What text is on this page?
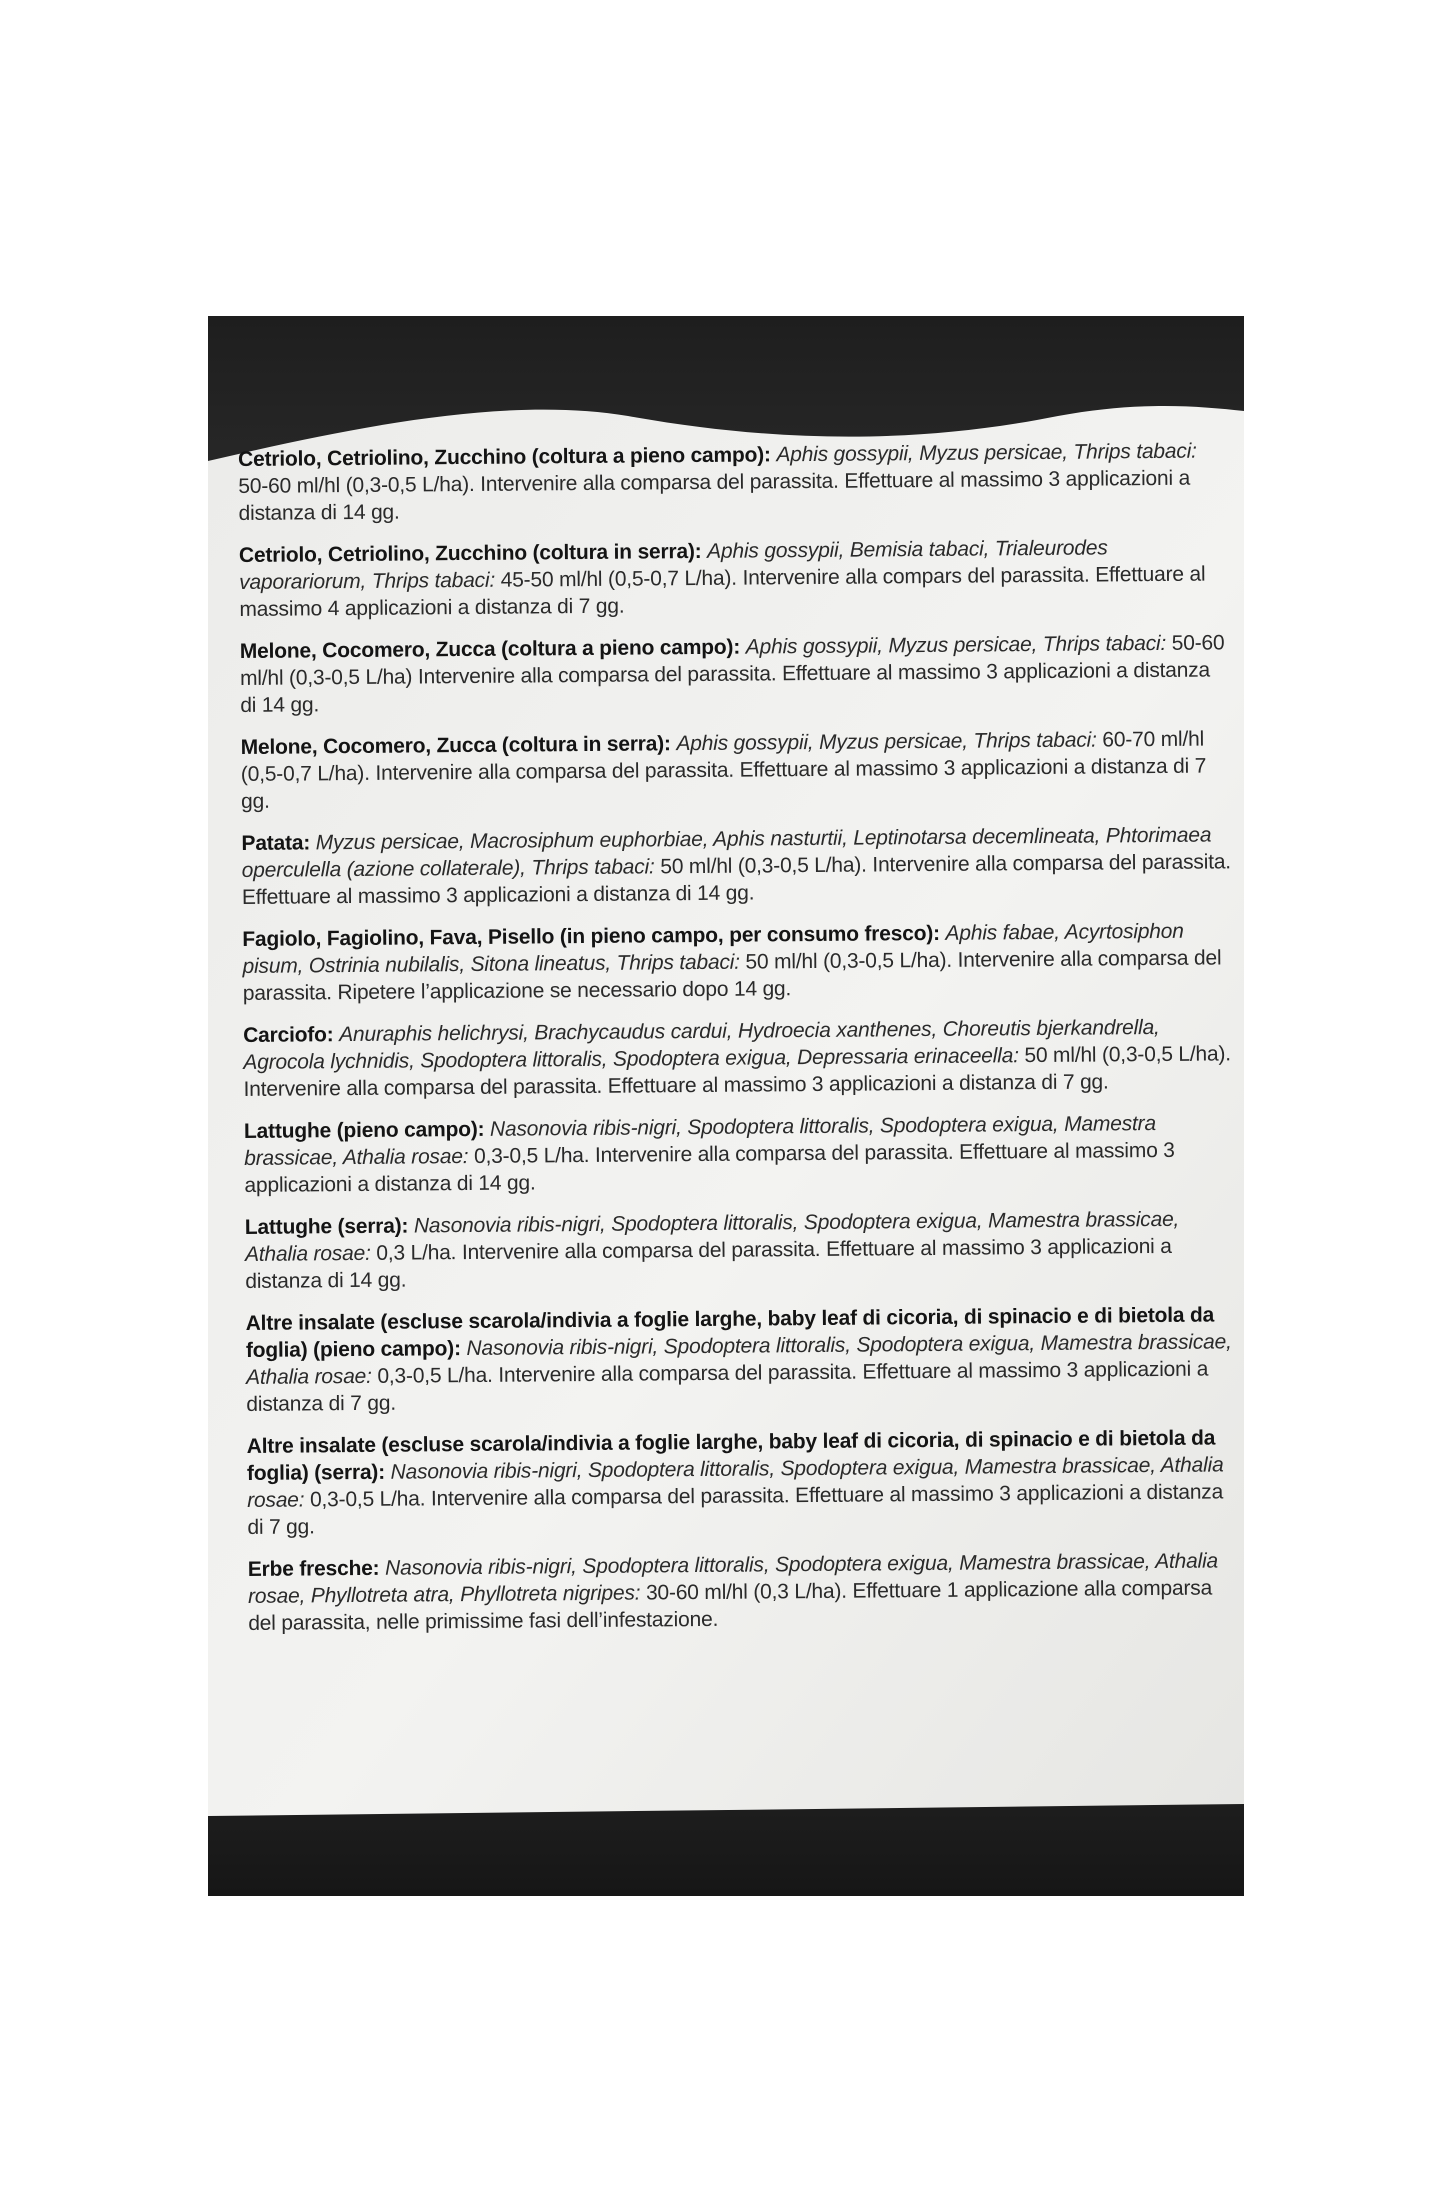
Cetriolo, Cetriolino, Zucchino (coltura a pieno campo): Aphis gossypii, Myzus persicae, Thrips tabaci: 50-60 ml/hl (0,3-0,5 L/ha). Intervenire alla comparsa del parassita. Effettuare al massimo 3 applicazioni a distanza di 14 gg.

Cetriolo, Cetriolino, Zucchino (coltura in serra): Aphis gossypii, Bemisia tabaci, Trialeurodes vaporariorum, Thrips tabaci: 45-50 ml/hl (0,5-0,7 L/ha). Intervenire alla compars del parassita. Effettuare al massimo 4 applicazioni a distanza di 7 gg.

Melone, Cocomero, Zucca (coltura a pieno campo): Aphis gossypii, Myzus persicae, Thrips tabaci: 50-60 ml/hl (0,3-0,5 L/ha) Intervenire alla comparsa del parassita. Effettuare al massimo 3 applicazioni a distanza di 14 gg.

Melone, Cocomero, Zucca (coltura in serra): Aphis gossypii, Myzus persicae, Thrips tabaci: 60-70 ml/hl (0,5-0,7 L/ha). Intervenire alla comparsa del parassita. Effettuare al massimo 3 applicazioni a distanza di 7 gg.

Patata: Myzus persicae, Macrosiphum euphorbiae, Aphis nasturtii, Leptinotarsa decemlineata, Phtorimaea operculella (azione collaterale), Thrips tabaci: 50 ml/hl (0,3-0,5 L/ha). Intervenire alla comparsa del parassita. Effettuare al massimo 3 applicazioni a distanza di 14 gg.

Fagiolo, Fagiolino, Fava, Pisello (in pieno campo, per consumo fresco): Aphis fabae, Acyrtosiphon pisum, Ostrinia nubilalis, Sitona lineatus, Thrips tabaci: 50 ml/hl (0,3-0,5 L/ha). Intervenire alla comparsa del parassita. Ripetere l’applicazione se necessario dopo 14 gg.

Carciofo: Anuraphis helichrysi, Brachycaudus cardui, Hydroecia xanthenes, Choreutis bjerkandrella, Agrocola lychnidis, Spodoptera littoralis, Spodoptera exigua, Depressaria erinaceella: 50 ml/hl (0,3-0,5 L/ha). Intervenire alla comparsa del parassita. Effettuare al massimo 3 applicazioni a distanza di 7 gg.

Lattughe (pieno campo): Nasonovia ribis-nigri, Spodoptera littoralis, Spodoptera exigua, Mamestra brassicae, Athalia rosae: 0,3-0,5 L/ha. Intervenire alla comparsa del parassita. Effettuare al massimo 3 applicazioni a distanza di 14 gg.

Lattughe (serra): Nasonovia ribis-nigri, Spodoptera littoralis, Spodoptera exigua, Mamestra brassicae, Athalia rosae: 0,3 L/ha. Intervenire alla comparsa del parassita. Effettuare al massimo 3 applicazioni a distanza di 14 gg.

Altre insalate (escluse scarola/indivia a foglie larghe, baby leaf di cicoria, di spinacio e di bietola da foglia) (pieno campo): Nasonovia ribis-nigri, Spodoptera littoralis, Spodoptera exigua, Mamestra brassicae, Athalia rosae: 0,3-0,5 L/ha. Intervenire alla comparsa del parassita. Effettuare al massimo 3 applicazioni a distanza di 7 gg.

Altre insalate (escluse scarola/indivia a foglie larghe, baby leaf di cicoria, di spinacio e di bietola da foglia) (serra): Nasonovia ribis-nigri, Spodoptera littoralis, Spodoptera exigua, Mamestra brassicae, Athalia rosae: 0,3-0,5 L/ha. Intervenire alla comparsa del parassita. Effettuare al massimo 3 applicazioni a distanza di 7 gg.

Erbe fresche: Nasonovia ribis-nigri, Spodoptera littoralis, Spodoptera exigua, Mamestra brassicae, Athalia rosae, Phyllotreta atra, Phyllotreta nigripes: 30-60 ml/hl (0,3 L/ha). Effettuare 1 applicazione alla comparsa del parassita, nelle primissime fasi dell’infestazione.
